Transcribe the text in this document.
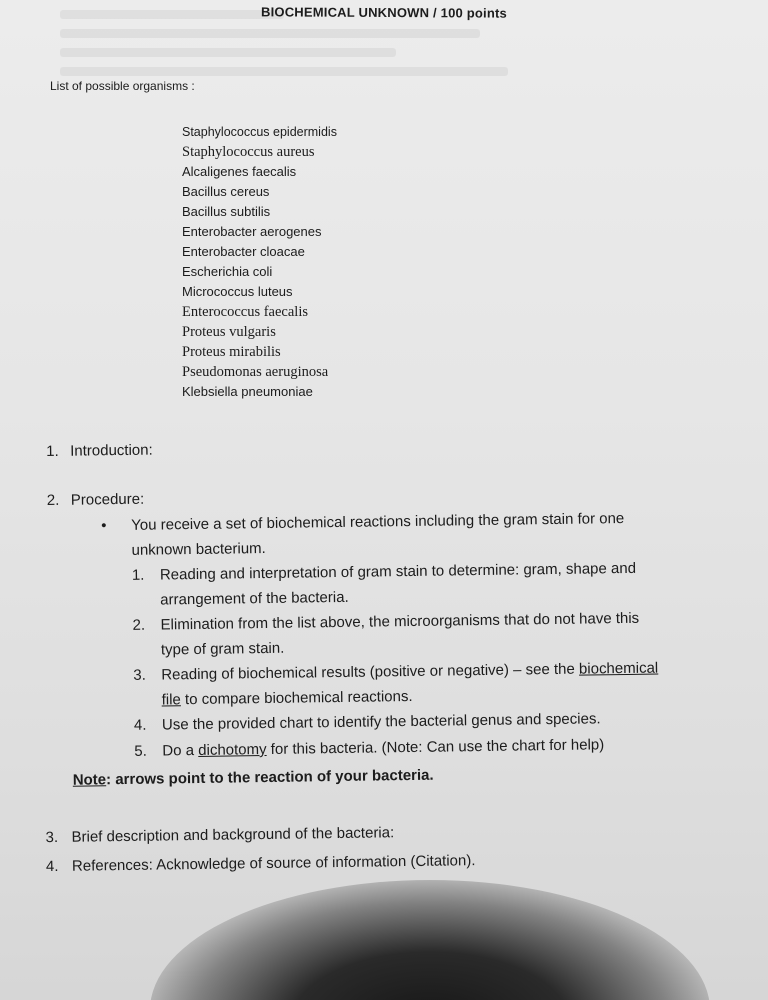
BIOCHEMICAL UNKNOWN / 100 points
List of possible organisms :
Staphylococcus epidermidis
Staphylococcus aureus
Alcaligenes faecalis
Bacillus cereus
Bacillus subtilis
Enterobacter aerogenes
Enterobacter cloacae
Escherichia coli
Micrococcus luteus
Enterococcus faecalis
Proteus vulgaris
Proteus mirabilis
Pseudomonas aeruginosa
Klebsiella pneumoniae
1. Introduction:
2. Procedure:
• You receive a set of biochemical reactions including the gram stain for one
unknown bacterium.
1. Reading and interpretation of gram stain to determine: gram, shape and
arrangement of the bacteria.
2. Elimination from the list above, the microorganisms that do not have this
type of gram stain.
3. Reading of biochemical results (positive or negative) – see the biochemical
file to compare biochemical reactions.
4. Use the provided chart to identify the bacterial genus and species.
5. Do a dichotomy for this bacteria. (Note: Can use the chart for help)
Note: arrows point to the reaction of your bacteria.
3. Brief description and background of the bacteria:
4. References: Acknowledge of source of information (Citation).
